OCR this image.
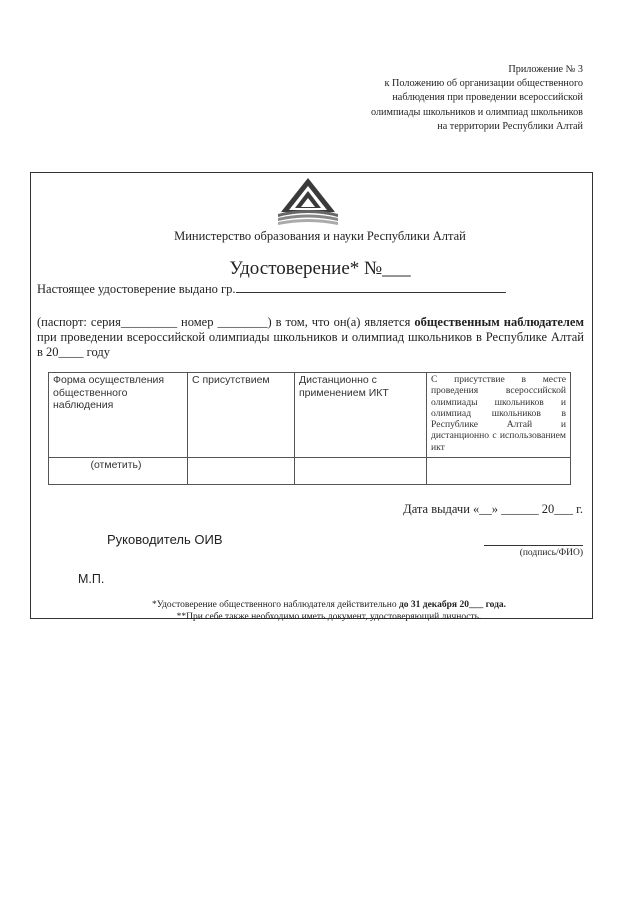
Приложение № 3
к Положению об организации общественного
наблюдения при проведении всероссийской
олимпиады школьников и олимпиад школьников
на территории Республики Алтай
Министерство образования и науки Республики Алтай
Удостоверение* №___
Настоящее удостоверение выдано гр.

(паспорт: серия_________ номер ________) в том, что он(а) является общественным наблюдателем при проведении всероссийской олимпиады школьников и олимпиад школьников в Республике Алтай в 20____ году

Форма осуществления общественного наблюдения	С присутствием	Дистанционно с применением ИКТ	С присутствие в месте проведения всероссийской олимпиады школьников и олимпиад школьников в Республике Алтай и дистанционно с использованием икт
(отметить)			
Дата выдачи «__» ______ 20___ г.
Руководитель ОИВ
(подпись/ФИО)
М.П.
*Удостоверение общественного наблюдателя действительно до 31 декабря 20___ года.
**При себе также необходимо иметь документ, удостоверяющий личность.
